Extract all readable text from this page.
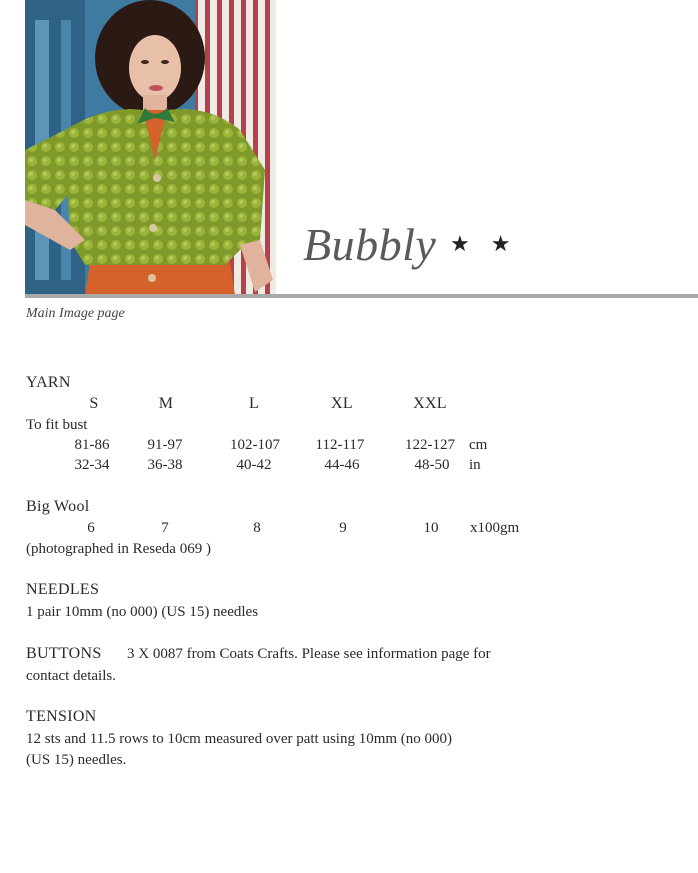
Bubbly ★ ★
Main Image page
YARN
S	M	L	XL	XXL
To fit bust
81-86	91-97	102-107 112-117	122-127 cm
32-34	36-38	40-42	44-46	48-50 in
Big Wool
6	7	8	9	10 x100gm
(photographed in Reseda 069 )
NEEDLES
1 pair 10mm (no 000) (US 15) needles
BUTTONS 3 X 0087 from Coats Crafts. Please see information page for
contact details.
TENSION
12 sts and 11.5 rows to 10cm measured over patt using 10mm (no 000)
(US 15) needles.
